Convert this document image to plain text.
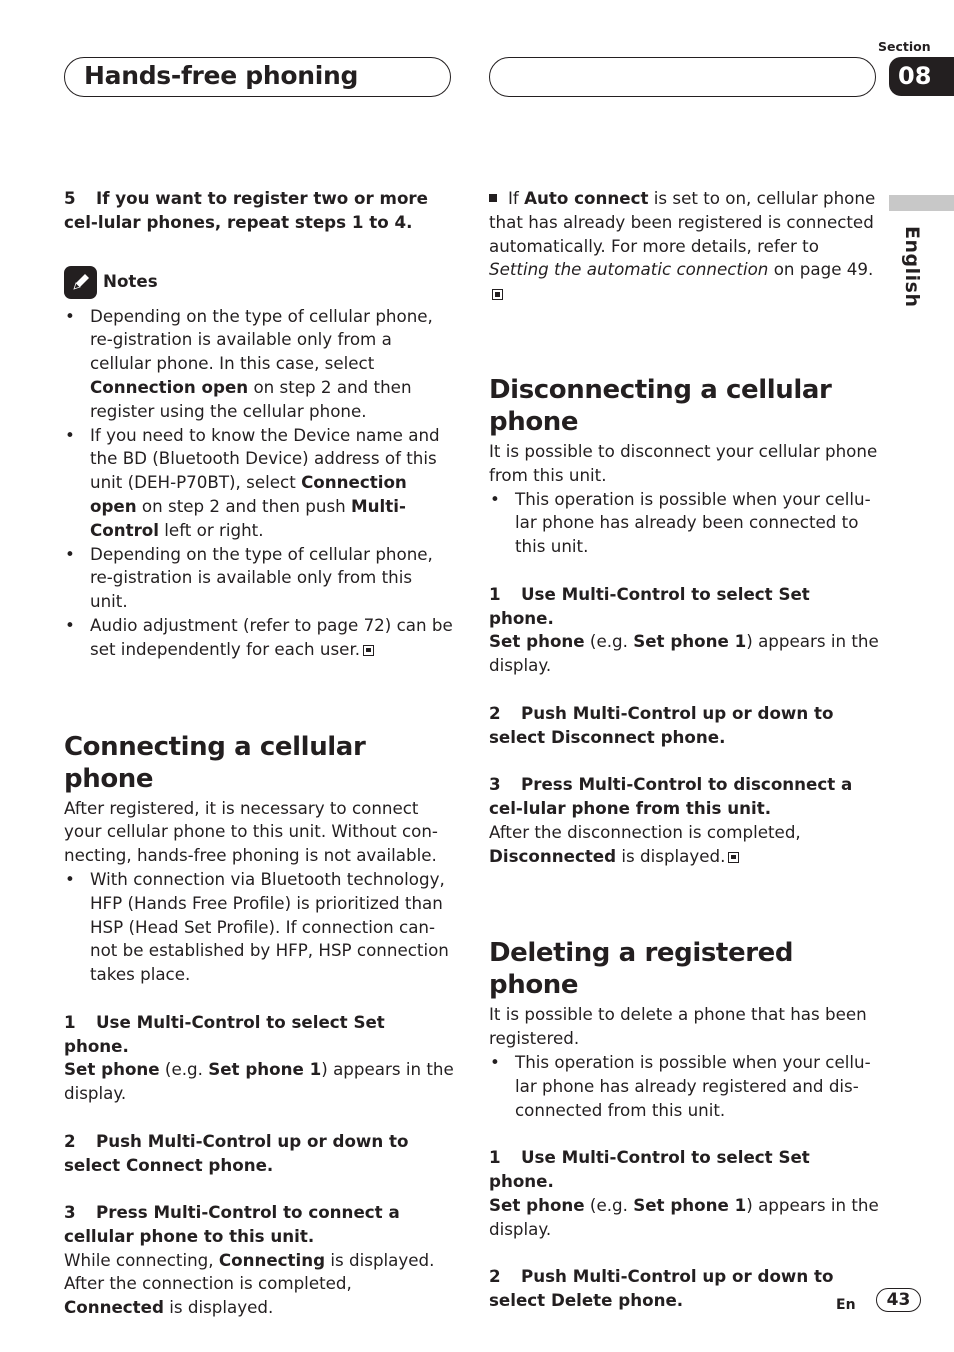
Hands-free phoning
Section
08
English

5 If you want to register two or more cel-lular phones, repeat steps 1 to 4.

Notes
• Depending on the type of cellular phone, re-gistration is available only from a cellular phone. In this case, select Connection open on step 2 and then register using the cellular phone.
• If you need to know the Device name and the BD (Bluetooth Device) address of this unit (DEH-P70BT), select Connection open on step 2 and then push Multi-Control left or right.
• Depending on the type of cellular phone, re-gistration is available only from this unit.
• Audio adjustment (refer to page 72) can be set independently for each user.

Connecting a cellular phone

After registered, it is necessary to connect your cellular phone to this unit. Without con-necting, hands-free phoning is not available.

• With connection via Bluetooth technology, HFP (Hands Free Profile) is prioritized than HSP (Head Set Profile). If connection can-not be established by HFP, HSP connection takes place.

1 Use Multi-Control to select Set phone.

Set phone (e.g. Set phone 1) appears in the display.

2 Push Multi-Control up or down to select Connect phone.

3 Press Multi-Control to connect a cellular phone to this unit.

While connecting, Connecting is displayed. After the connection is completed, Connected is displayed.

If Auto connect is set to on, cellular phone that has already been registered is connected automatically. For more details, refer to Setting the automatic connection on page 49.

Disconnecting a cellular phone

It is possible to disconnect your cellular phone from this unit.

• This operation is possible when your cellu-lar phone has already been connected to this unit.

1 Use Multi-Control to select Set phone.

Set phone (e.g. Set phone 1) appears in the display.

2 Push Multi-Control up or down to select Disconnect phone.

3 Press Multi-Control to disconnect a cel-lular phone from this unit.

After the disconnection is completed, Disconnected is displayed.

Deleting a registered phone

It is possible to delete a phone that has been registered.

• This operation is possible when your cellu-lar phone has already registered and dis-connected from this unit.

1 Use Multi-Control to select Set phone.

Set phone (e.g. Set phone 1) appears in the display.

2 Push Multi-Control up or down to select Delete phone.	En	43
